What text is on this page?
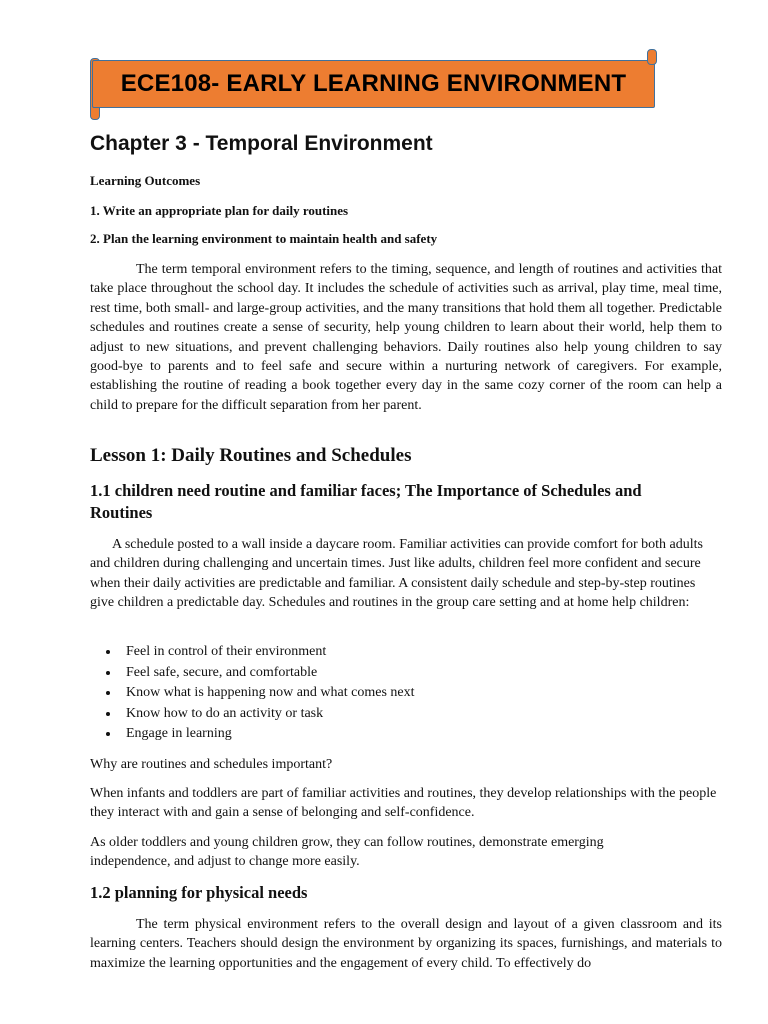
ECE108- EARLY LEARNING ENVIRONMENT
Chapter 3 - Temporal Environment
Learning Outcomes
1. Write an appropriate plan for daily routines
2. Plan the learning environment to maintain health and safety

The term temporal environment refers to the timing, sequence, and length of routines and activities that take place throughout the school day. It includes the schedule of activities such as arrival, play time, meal time, rest time, both small- and large-group activities, and the many transitions that hold them all together. Predictable schedules and routines create a sense of security, help young children to learn about their world, help them to adjust to new situations, and prevent challenging behaviors. Daily routines also help young children to say good-bye to parents and to feel safe and secure within a nurturing network of caregivers. For example, establishing the routine of reading a book together every day in the same cozy corner of the room can help a child to prepare for the difficult separation from her parent.

Lesson 1: Daily Routines and Schedules
1.1 children need routine and familiar faces; The Importance of Schedules and Routines

A schedule posted to a wall inside a daycare room. Familiar activities can provide comfort for both adults and children during challenging and uncertain times. Just like adults, children feel more confident and secure when their daily activities are predictable and familiar. A consistent daily schedule and step-by-step routines give children a predictable day. Schedules and routines in the group care setting and at home help children:

• Feel in control of their environment
• Feel safe, secure, and comfortable
• Know what is happening now and what comes next
• Know how to do an activity or task
• Engage in learning

Why are routines and schedules important?

When infants and toddlers are part of familiar activities and routines, they develop relationships with the people they interact with and gain a sense of belonging and self-confidence.

As older toddlers and young children grow, they can follow routines, demonstrate emerging independence, and adjust to change more easily.

1.2 planning for physical needs

The term physical environment refers to the overall design and layout of a given classroom and its learning centers. Teachers should design the environment by organizing its spaces, furnishings, and materials to maximize the learning opportunities and the engagement of every child. To effectively do
